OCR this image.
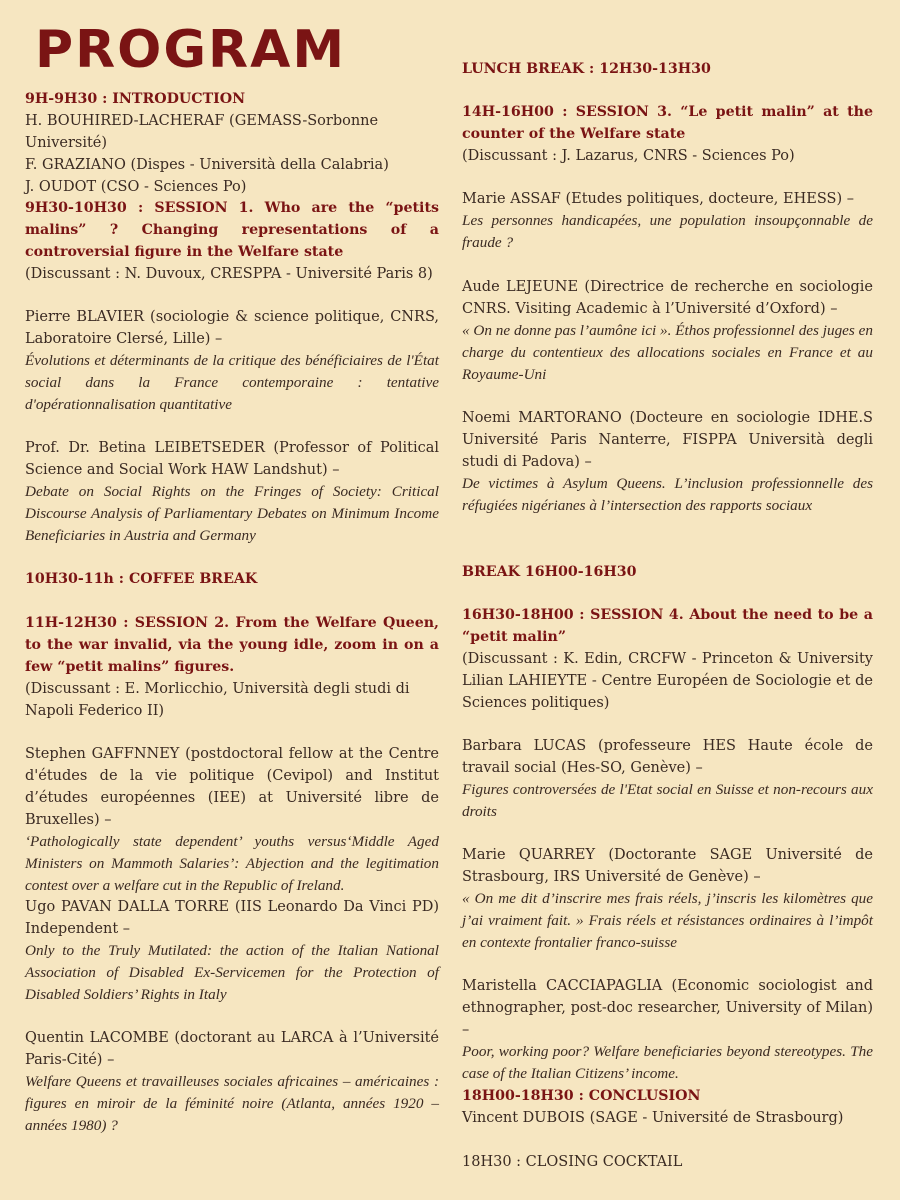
PROGRAM

9H-9H30 : INTRODUCTION

H. BOUHIRED-LACHERAF (GEMASS-Sorbonne Université)

F. GRAZIANO (Dispes - Università della Calabria)

J. OUDOT (CSO - Sciences Po)

9H30-10H30 : SESSION 1. Who are the “petits malins” ? Changing representations of a controversial figure in the Welfare state

(Discussant : N. Duvoux, CRESPPA - Université Paris 8)

Pierre BLAVIER (sociologie & science politique, CNRS, Laboratoire Clersé, Lille) –

Évolutions et déterminants de la critique des bénéficiaires de l'État social dans la France contemporaine : tentative d'opérationnalisation quantitative

Prof. Dr. Betina LEIBETSEDER (Professor of Political Science and Social Work HAW Landshut) –

Debate on Social Rights on the Fringes of Society: Critical Discourse Analysis of Parliamentary Debates on Minimum Income Beneficiaries in Austria and Germany

10H30-11h : COFFEE BREAK

11H-12H30 : SESSION 2. From the Welfare Queen, to the war invalid, via the young idle, zoom in on a few “petit malins” figures.

(Discussant : E. Morlicchio, Università degli studi di Napoli Federico II)

Stephen GAFFNNEY (postdoctoral fellow at the Centre d'études de la vie politique (Cevipol) and Institut d’études européennes (IEE) at Université libre de Bruxelles) –

‘Pathologically state dependent’ youths versus‘Middle Aged Ministers on Mammoth Salaries’: Abjection and the legitimation contest over a welfare cut in the Republic of Ireland.

Ugo PAVAN DALLA TORRE (IIS Leonardo Da Vinci PD) Independent –

Only to the Truly Mutilated: the action of the Italian National Association of Disabled Ex-Servicemen for the Protection of Disabled Soldiers’ Rights in Italy

Quentin LACOMBE (doctorant au LARCA à l’Université Paris-Cité) –

Welfare Queens et travailleuses sociales africaines – américaines : figures en miroir de la féminité noire (Atlanta, années 1920 – années 1980) ?

LUNCH BREAK : 12H30-13H30

14H-16H00 : SESSION 3. “Le petit malin” at the counter of the Welfare state

(Discussant : J. Lazarus, CNRS - Sciences Po)

Marie ASSAF (Etudes politiques, docteure, EHESS) –

Les personnes handicapées, une population insoupçonnable de fraude ?

Aude LEJEUNE (Directrice de recherche en sociologie CNRS. Visiting Academic à l’Université d’Oxford) –

« On ne donne pas l’aumône ici ». Éthos professionnel des juges en charge du contentieux des allocations sociales en France et au Royaume-Uni

Noemi MARTORANO (Docteure en sociologie IDHE.S Université Paris Nanterre, FISPPA Università degli studi di Padova) –

De victimes à Asylum Queens. L’inclusion professionnelle des réfugiées nigérianes à l’intersection des rapports sociaux

BREAK 16H00-16H30

16H30-18H00 : SESSION 4. About the need to be a “petit malin”

(Discussant : K. Edin, CRCFW - Princeton & University Lilian LAHIEYTE - Centre Européen de Sociologie et de Sciences politiques)

Barbara LUCAS (professeure HES Haute école de travail social (Hes-SO, Genève) –

Figures controversées de l'Etat social en Suisse et non-recours aux droits

Marie QUARREY (Doctorante SAGE Université de Strasbourg, IRS Université de Genève) –

« On me dit d’inscrire mes frais réels, j’inscris les kilomètres que j’ai vraiment fait. » Frais réels et résistances ordinaires à l’impôt en contexte frontalier franco-suisse

Maristella CACCIAPAGLIA (Economic sociologist and ethnographer, post-doc researcher, University of Milan) –

Poor, working poor? Welfare beneficiaries beyond stereotypes. The case of the Italian Citizens’ income.

18H00-18H30 : CONCLUSION

Vincent DUBOIS (SAGE - Université de Strasbourg)

18H30 : CLOSING COCKTAIL
